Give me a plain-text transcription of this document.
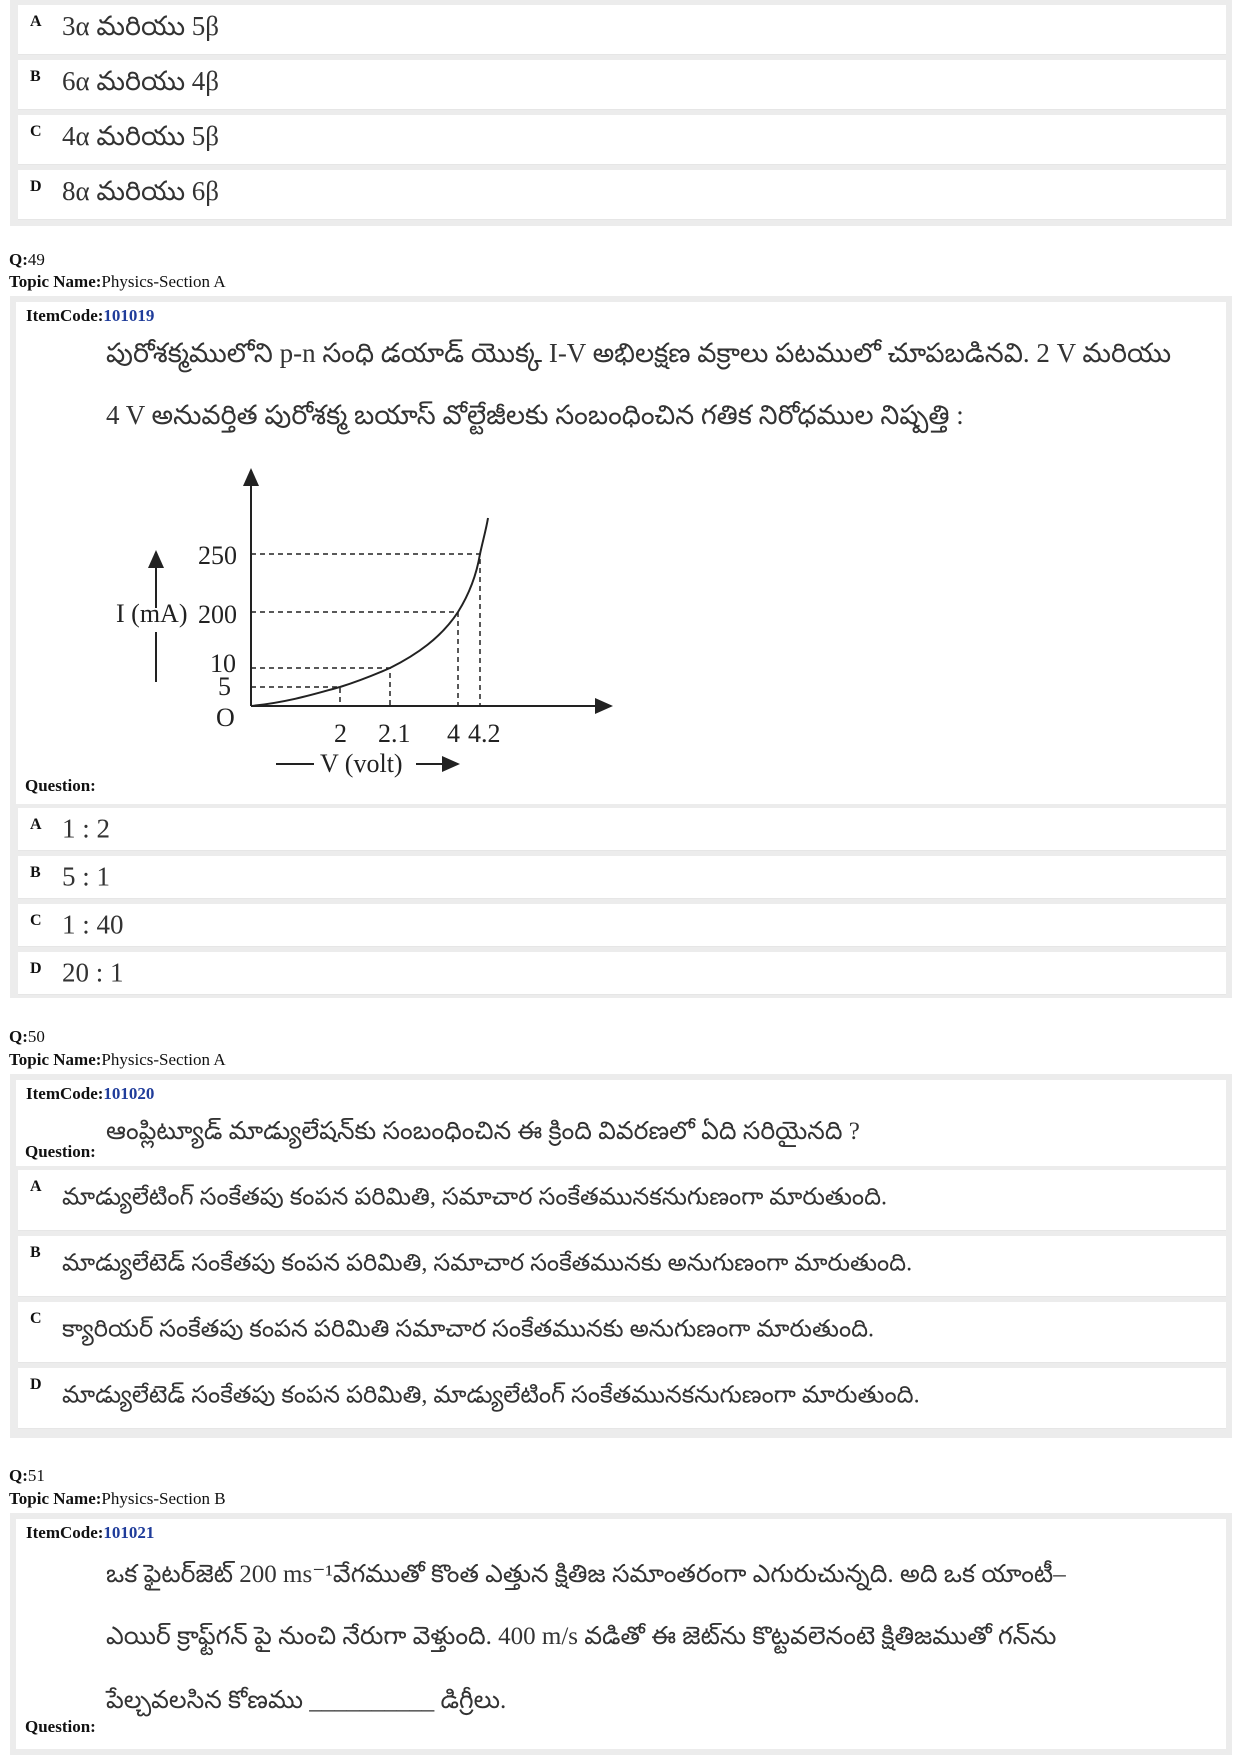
A 3α మరియు 5β
B 6α మరియు 4β
C 4α మరియు 5β
D 8α మరియు 6β
Q:49
Topic Name:Physics-Section A
ItemCode:101019
పురోశక్మములోని p-n సంధి డయాడ్ యొక్క I-V అభిలక్షణ వక్రాలు పటములో చూపబడినవి. 2 V మరియు
4 V అనువర్తిత పురోశక్మ బయాస్ వోల్టేజీలకు సంబంధించిన గతిక నిరోధముల నిష్పత్తి :
I (mA)
V (volt)
O
250
200
10
5
2 2.1 4 4.2
Question:
A 1 : 2
B 5 : 1
C 1 : 40
D 20 : 1
Q:50
Topic Name:Physics-Section A
ItemCode:101020
ఆంప్లిట్యూడ్ మాడ్యులేషన్‌కు సంబంధించిన ఈ క్రింది వివరణలో ఏది సరియైనది ?
Question:
A మాడ్యులేటింగ్ సంకేతపు కంపన పరిమితి, సమాచార సంకేతమునకనుగుణంగా మారుతుంది.
B మాడ్యులేటెడ్ సంకేతపు కంపన పరిమితి, సమాచార సంకేతమునకు అనుగుణంగా మారుతుంది.
C క్యారియర్ సంకేతపు కంపన పరిమితి సమాచార సంకేతమునకు అనుగుణంగా మారుతుంది.
D మాడ్యులేటెడ్ సంకేతపు కంపన పరిమితి, మాడ్యులేటింగ్ సంకేతమునకనుగుణంగా మారుతుంది.
Q:51
Topic Name:Physics-Section B
ItemCode:101021
ఒక ఫైటర్‌జెట్ 200 ms⁻¹వేగముతో కొంత ఎత్తున క్షితిజ సమాంతరంగా ఎగురుచున్నది. అది ఒక యాంటీ–
ఎయిర్ క్రాఫ్ట్‌గన్ పై నుంచి నేరుగా వెళ్తుంది. 400 m/s వడితో ఈ జెట్‌ను కొట్టవలెనంటె క్షితిజముతో గన్‌ను
పేల్చవలసిన కోణము __________ డిగ్రీలు.
Question:
